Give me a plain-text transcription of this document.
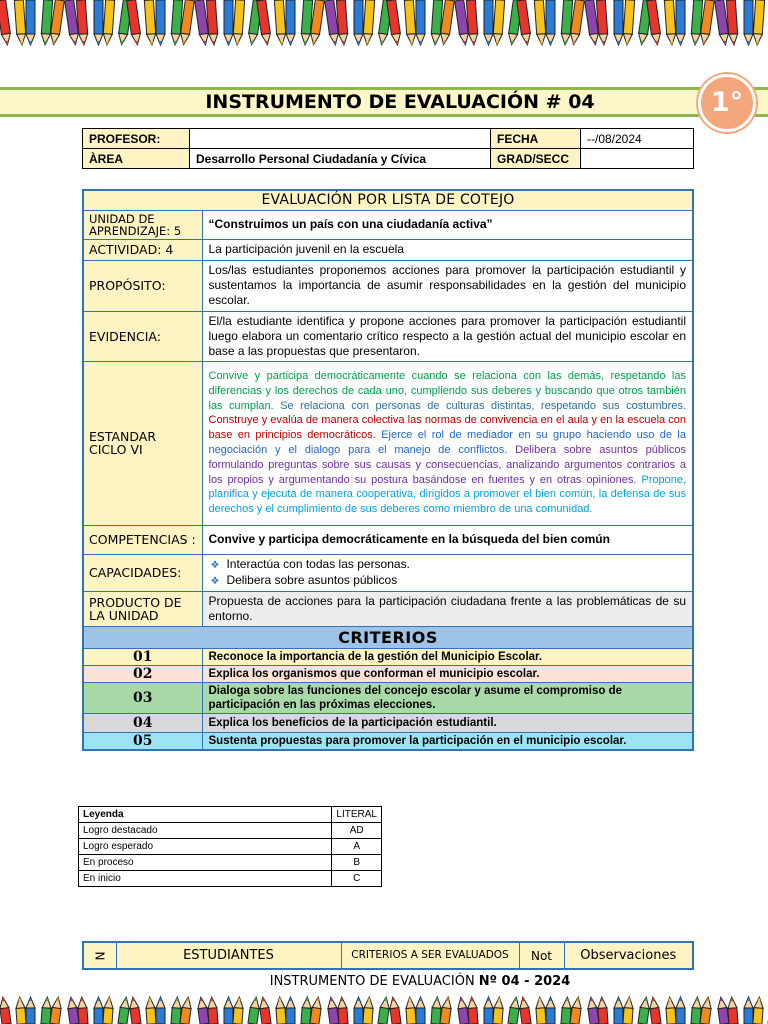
INSTRUMENTO DE EVALUACIÓN # 04	1°
PROFESOR:		FECHA	--/08/2024
ÀREA	Desarrollo Personal Ciudadanía y Cívica	GRAD/SECC	
EVALUACIÓN POR LISTA DE COTEJO	
UNIDAD DE APRENDIZAJE: 5	“Construimos un país con una ciudadanía activa”
ACTIVIDAD: 4	La participación juvenil en la escuela
PROPÓSITO:	Los/las estudiantes proponemos acciones para promover la participación estudiantil y sustentamos la importancia de asumir responsabilidades en la gestión del municipio escolar.
EVIDENCIA:	El/la estudiante identifica y propone acciones para promover la participación estudiantil luego elabora un comentario crítico respecto a la gestión actual del municipio escolar en base a las propuestas que presentaron.
ESTANDAR CICLO VI	Convive y participa democráticamente cuando se relaciona con las demás, respetando las diferencias y los derechos de cada uno, cumpliendo sus deberes y buscando que otros también las cumplan. Se relaciona con personas de culturas distintas, respetando sus costumbres. Construye y evalúa de manera colectiva las normas de convivencia en el aula y en la escuela con base en principios democráticos. Ejerce el rol de mediador en su grupo haciendo uso de la negociación y el dialogo para el manejo de conflictos. Delibera sobre asuntos públicos formulando preguntas sobre sus causas y consecuencias, analizando argumentos contrarios a los propios y argumentando su postura basándose en fuentes y en otras opiniones. Propone, planifica y ejecuta de manera cooperativa, dirigidos a promover el bien común, la defensa de sus derechos y el cumplimiento de sus deberes como miembro de una comunidad.
COMPETENCIAS :	Convive y participa democráticamente en la búsqueda del bien común
CAPACIDADES:	❖ Interactúa con todas las personas.
❖ Delibera sobre asuntos públicos

PRODUCTO DE LA UNIDAD	Propuesta de acciones para la participación ciudadana frente a las problemáticas de su entorno.
CRITERIOS	
01	Reconoce la importancia de la gestión del Municipio Escolar.
02	Explica los organismos que conforman el municipio escolar.
03	Dialoga sobre las funciones del concejo escolar y asume el compromiso de participación en las próximas elecciones.
04	Explica los beneficios de la participación estudiantil.
05	Sustenta propuestas para promover la participación en el municipio escolar.
Leyenda	LITERAL
Logro destacado	AD
Logro esperado	A
En proceso	B
En inicio	C
N	ESTUDIANTES	CRITERIOS A SER EVALUADOS	Not	Observaciones
INSTRUMENTO DE EVALUACIÓN Nº 04 - 2024
